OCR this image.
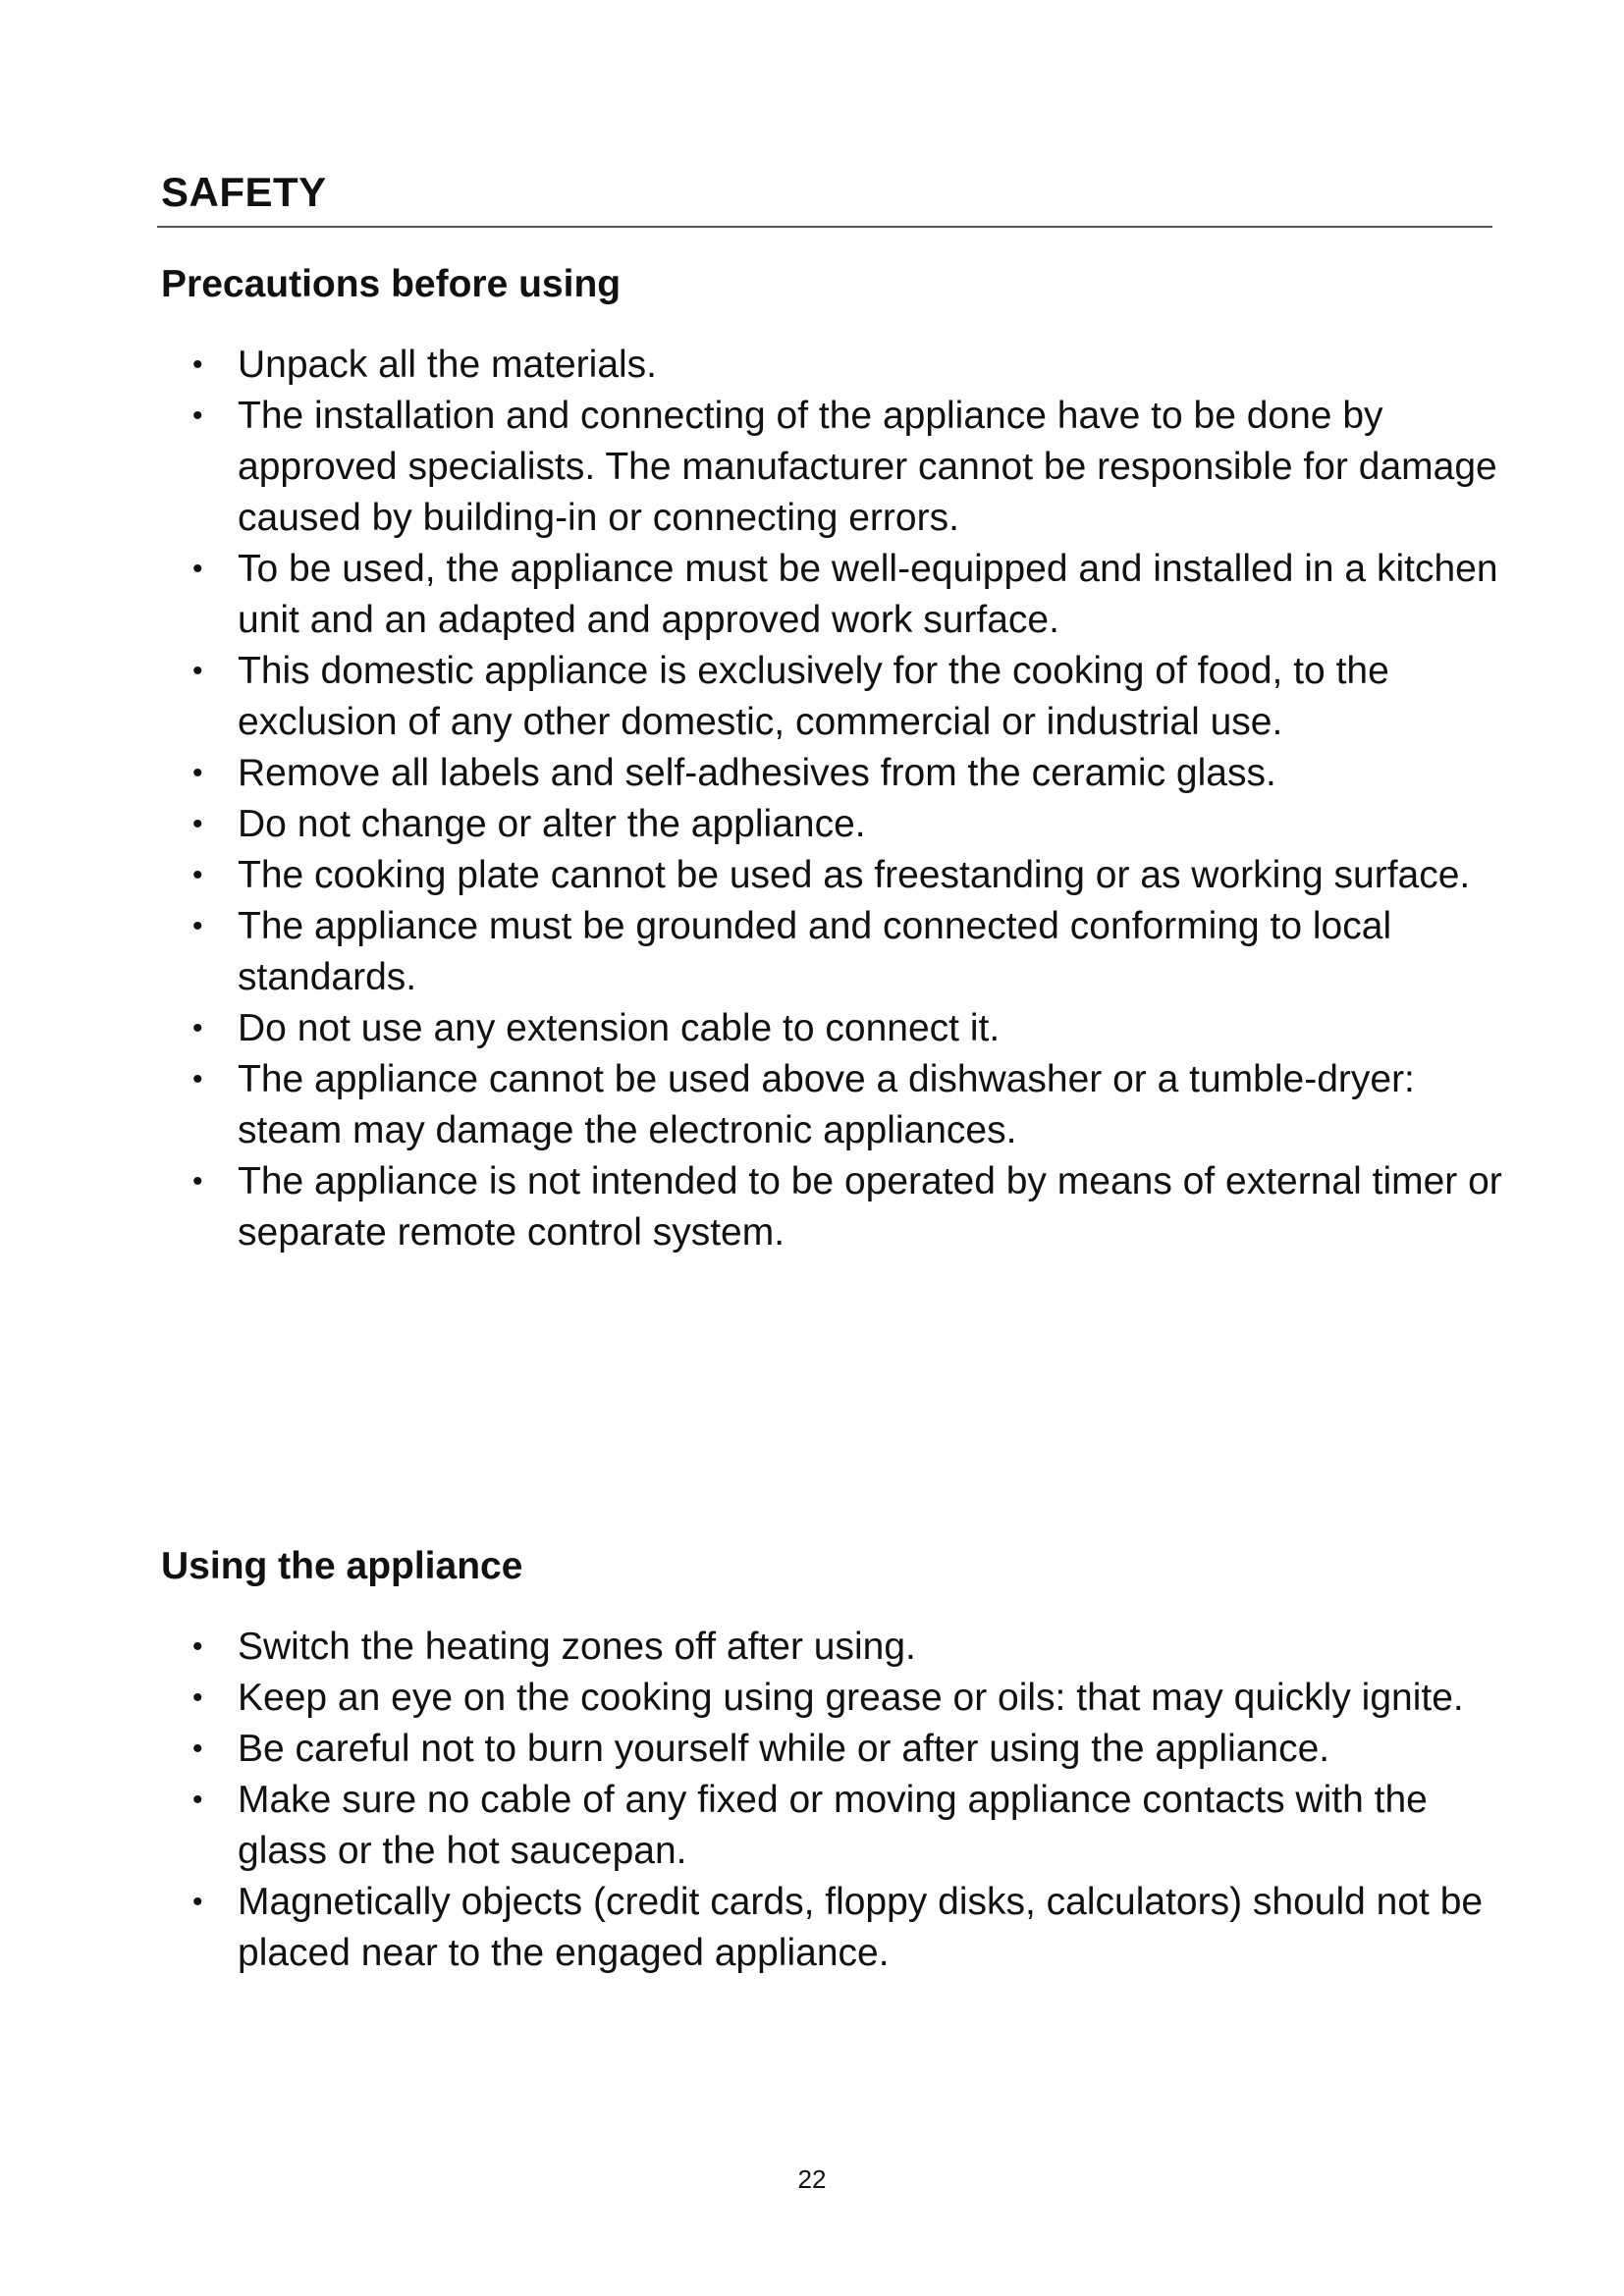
SAFETY
Precautions before using
• Unpack all the materials.
• The installation and connecting of the appliance have to be done by approved specialists. The manufacturer cannot be responsible for damage caused by building-in or connecting errors.
• To be used, the appliance must be well-equipped and installed in a kitchen unit and an adapted and approved work surface.
• This domestic appliance is exclusively for the cooking of food, to the exclusion of any other domestic, commercial or industrial use.
• Remove all labels and self-adhesives from the ceramic glass.
• Do not change or alter the appliance.
• The cooking plate cannot be used as freestanding or as working surface.
• The appliance must be grounded and connected conforming to local standards.
• Do not use any extension cable to connect it.
• The appliance cannot be used above a dishwasher or a tumble-dryer: steam may damage the electronic appliances.
• The appliance is not intended to be operated by means of external timer or separate remote control system.
Using the appliance
• Switch the heating zones off after using.
• Keep an eye on the cooking using grease or oils: that may quickly ignite.
• Be careful not to burn yourself while or after using the appliance.
• Make sure no cable of any fixed or moving appliance contacts with the glass or the hot saucepan.
• Magnetically objects (credit cards, floppy disks, calculators) should not be placed near to the engaged appliance.
22
